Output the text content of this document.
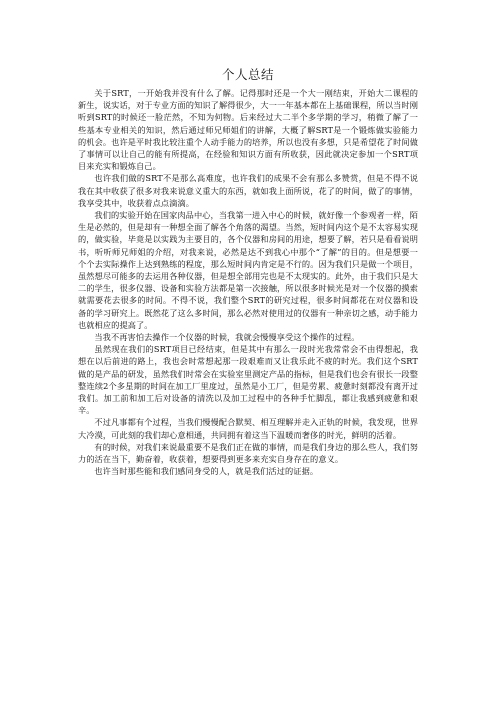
个人总结

关于SRT，一开始我并没有什么了解。记得那时还是一个大一刚结束，开始大二课程的新生，说实话，对于专业方面的知识了解得很少，大一一年基本都在上基础课程，所以当时刚听到SRT的时候还一脸茫然，不知为何物。后来经过大二半个多学期的学习，稍微了解了一些基本专业相关的知识，然后通过师兄师姐们的讲解，大概了解SRT是一个锻炼做实验能力的机会。也许是平时我比较注重个人动手能力的培养，所以也没有多想，只是希望花了时间做了事情可以让自己的能有所提高，在经验和知识方面有所收获，因此就决定参加一个SRT项目来充实和锻炼自己。

也许我们做的SRT不是那么高难度，也许我们的成果不会有那么多赞赏，但是不得不说我在其中收获了很多对我来说意义重大的东西，就如我上面所说，花了的时间，做了的事情，我享受其中，收获着点点滴滴。

我们的实验开始在国家肉品中心，当我第一进入中心的时候，就好像一个参观者一样，陌生是必然的，但是却有一种想全面了解各个角落的渴望。当然，短时间内这个是不太容易实现的，做实验，毕竟是以实践为主要目的，各个仪器和房间的用途，想要了解，若只是看看说明书，听听师兄师姐的介绍，对我来说，必然是达不到我心中那个“了解”的目的。但是想要一个个去实际操作上达到熟练的程度，那么短时间内肯定是不行的。因为我们只是做一个项目，虽然想尽可能多的去运用各种仪器，但是想全部用完也是不太现实的。此外，由于我们只是大二的学生，很多仪器、设备和实验方法都是第一次接触，所以很多时候光是对一个仪器的摸索就需要花去很多的时间。不得不说，我们整个SRT的研究过程，很多时间都花在对仪器和设备的学习研究上。既然花了这么多时间，那么必然对使用过的仪器有一种亲切之感，动手能力也就相应的提高了。

当我不再害怕去操作一个仪器的时候，我就会慢慢享受这个操作的过程。

虽然现在我们的SRT项目已经结束，但是其中有那么一段时光我常常会不由得想起，我想在以后前进的路上，我也会时常想起那一段艰难而又让我乐此不疲的时光。我们这个SRT做的是产品的研发，虽然我们时常会在实验室里测定产品的指标，但是我们也会有很长一段整整连续2个多星期的时间在加工厂里度过，虽然是小工厂，但是劳累、疲惫时刻都没有离开过我们。加工前和加工后对设备的清洗以及加工过程中的各种手忙脚乱，都让我感到疲惫和艰辛。

不过凡事都有个过程，当我们慢慢配合默契、相互理解并走入正轨的时候，我发现，世界大冷漠，可此刻的我们却心意相通，共同拥有着这当下温暖而奢侈的时光，鲜明的活着。

有的时候，对我们来说最重要不是我们正在做的事情，而是我们身边的那么些人，我们努力的活在当下，勤奋着，收获着，想要得到更多来充实自身存在的意义。

也许当时那些能和我们感同身受的人，就是我们活过的证据。
